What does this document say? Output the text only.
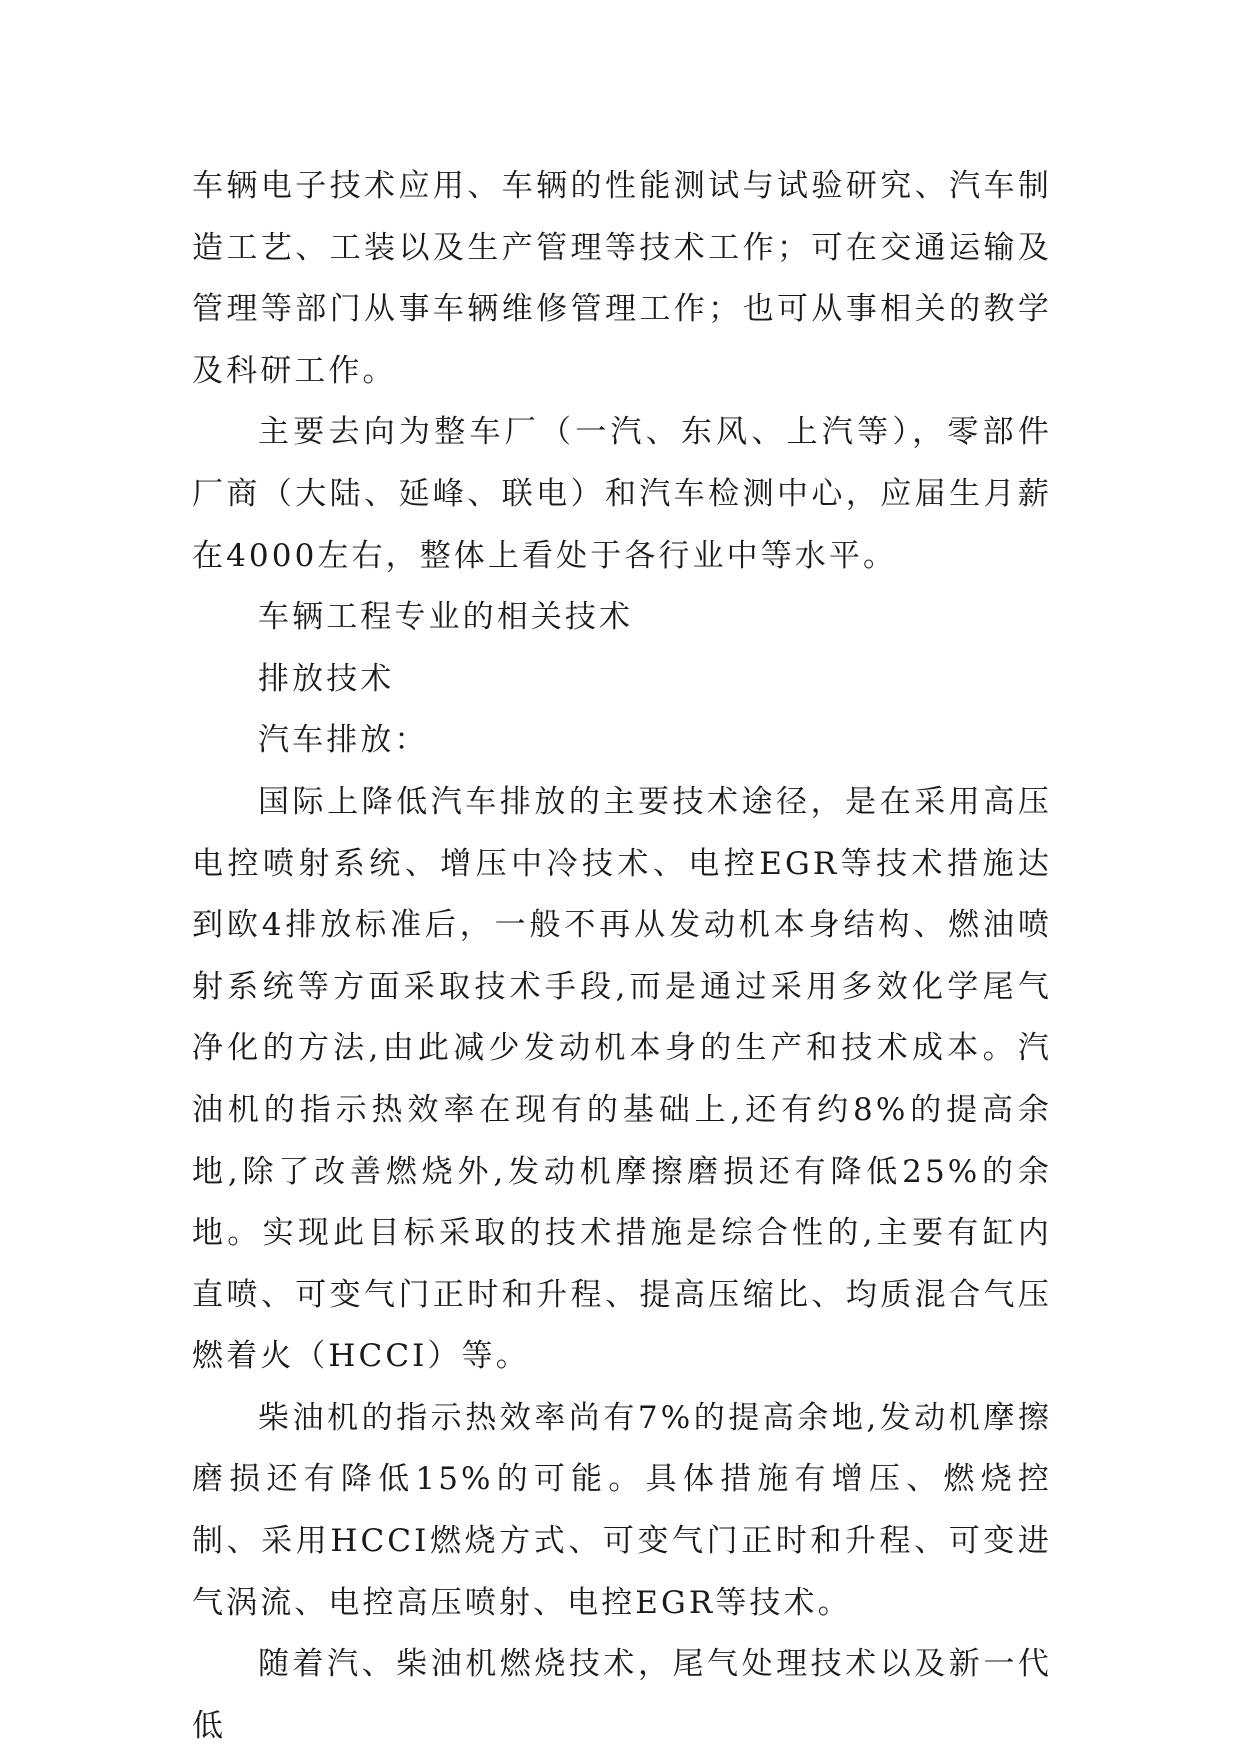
车辆电子技术应用、车辆的性能测试与试验研究、汽车制造工艺、工装以及生产管理等技术工作；可在交通运输及管理等部门从事车辆维修管理工作；也可从事相关的教学及科研工作。

主要去向为整车厂（一汽、东风、上汽等），零部件厂商（大陆、延峰、联电）和汽车检测中心，应届生月薪在4000左右，整体上看处于各行业中等水平。

车辆工程专业的相关技术

排放技术

汽车排放：

国际上降低汽车排放的主要技术途径，是在采用高压电控喷射系统、增压中冷技术、电控EGR等技术措施达到欧4排放标准后，一般不再从发动机本身结构、燃油喷射系统等方面采取技术手段,而是通过采用多效化学尾气净化的方法,由此减少发动机本身的生产和技术成本。汽油机的指示热效率在现有的基础上,还有约8%的提高余地,除了改善燃烧外,发动机摩擦磨损还有降低25%的余地。实现此目标采取的技术措施是综合性的,主要有缸内直喷、可变气门正时和升程、提高压缩比、均质混合气压燃着火（HCCI）等。

柴油机的指示热效率尚有7%的提高余地,发动机摩擦磨损还有降低15%的可能。具体措施有增压、燃烧控制、采用HCCI燃烧方式、可变气门正时和升程、可变进气涡流、电控高压喷射、电控EGR等技术。

随着汽、柴油机燃烧技术，尾气处理技术以及新一代低
